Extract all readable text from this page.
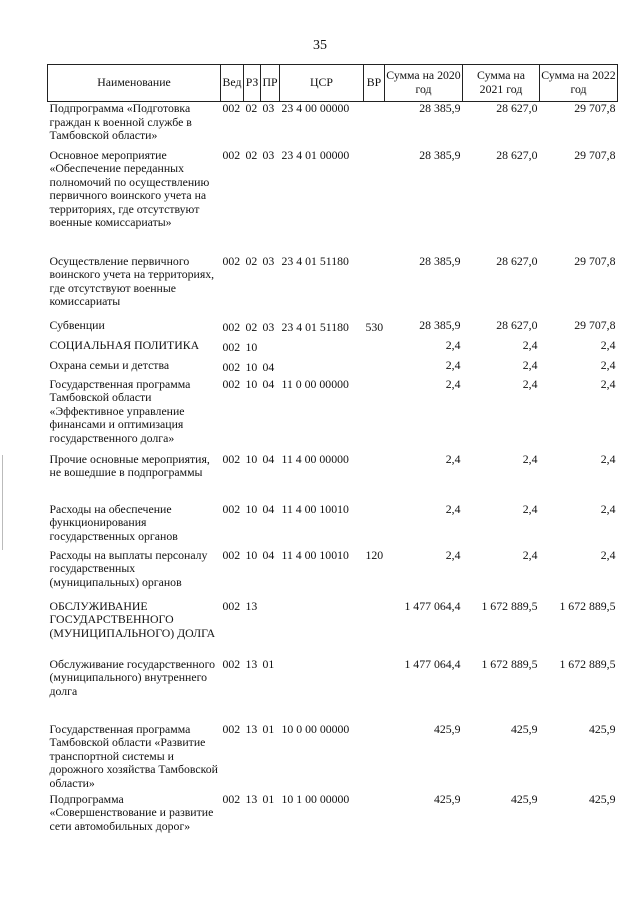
35
Наименование	Вед	РЗ	ПР	ЦСР	ВР	Сумма на 2020 год	Сумма на 2021 год	Сумма на 2022 год
Подпрограмма «Подготовка граждан к военной службе в Тамбовской области»	002	02	03	23 4 00 00000		28 385,9	28 627,0	29 707,8
Основное мероприятие «Обеспечение переданных полномочий по осуществлению первичного воинского учета на территориях, где отсутствуют военные комиссариаты»	002	02	03	23 4 01 00000		28 385,9	28 627,0	29 707,8
Осуществление первичного воинского учета на территориях, где отсутствуют военные комиссариаты	002	02	03	23 4 01 51180		28 385,9	28 627,0	29 707,8
Субвенции	002	02	03	23 4 01 51180	530	28 385,9	28 627,0	29 707,8
СОЦИАЛЬНАЯ ПОЛИТИКА	002	10				2,4	2,4	2,4
Охрана семьи и детства	002	10	04			2,4	2,4	2,4
Государственная программа Тамбовской области «Эффективное управление финансами и оптимизация государственного долга»	002	10	04	11 0 00 00000		2,4	2,4	2,4
Прочие основные мероприятия, не вошедшие в подпрограммы	002	10	04	11 4 00 00000		2,4	2,4	2,4
Расходы на обеспечение функционирования государственных органов	002	10	04	11 4 00 10010		2,4	2,4	2,4
Расходы на выплаты персоналу государственных (муниципальных) органов	002	10	04	11 4 00 10010	120	2,4	2,4	2,4
ОБСЛУЖИВАНИЕ ГОСУДАРСТВЕННОГО (МУНИЦИПАЛЬНОГО) ДОЛГА	002	13				1 477 064,4	1 672 889,5	1 672 889,5
Обслуживание государственного (муниципального) внутреннего долга	002	13	01			1 477 064,4	1 672 889,5	1 672 889,5
Государственная программа Тамбовской области «Развитие транспортной системы и дорожного хозяйства Тамбовской области»	002	13	01	10 0 00 00000		425,9	425,9	425,9
Подпрограмма «Совершенствование и развитие сети автомобильных дорог»	002	13	01	10 1 00 00000		425,9	425,9	425,9
